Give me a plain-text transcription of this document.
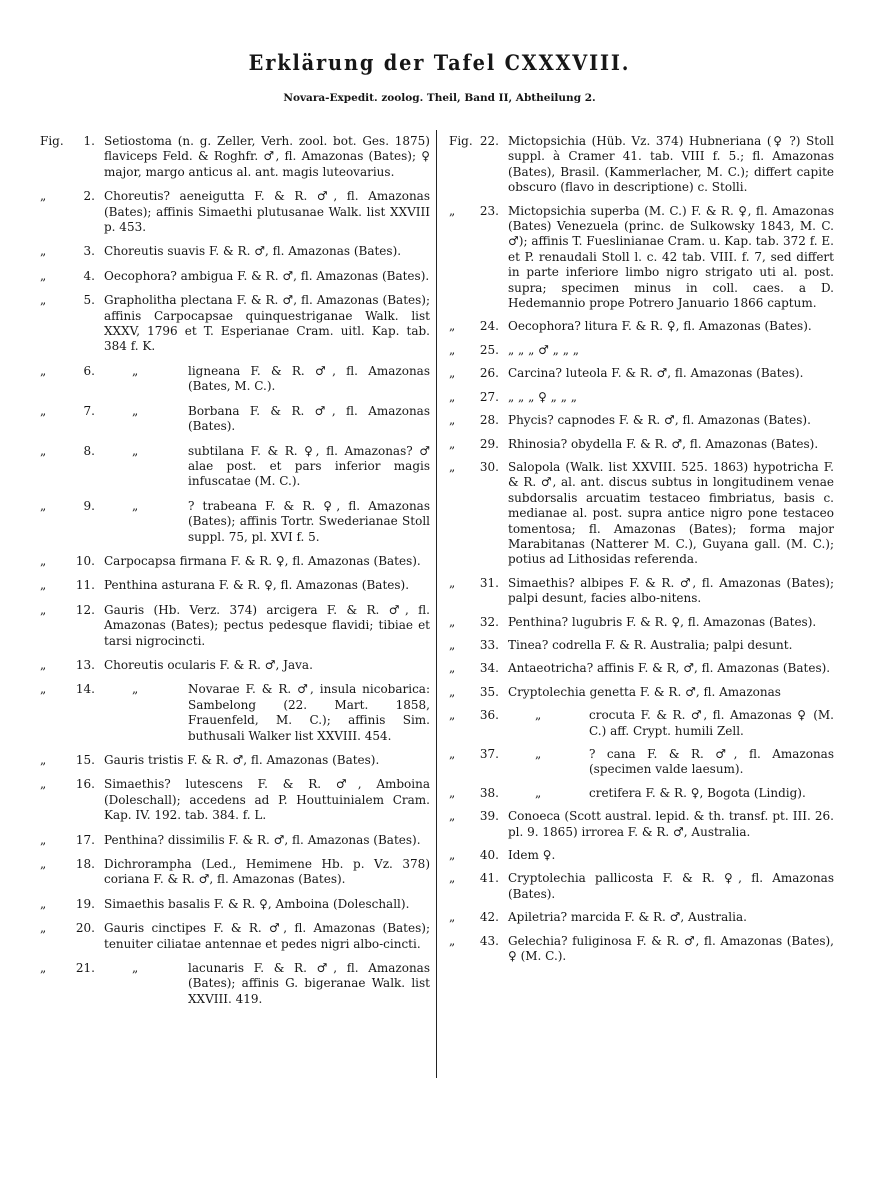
Erklärung der Tafel CXXXVIII.
Novara-Expedit. zoolog. Theil, Band II, Abtheilung 2.
Fig.	1. Setiostoma (n. g. Zeller, Verh. zool. bot. Ges. 1875) flaviceps Feld. & Roghfr. ♂, fl. Amazonas (Bates); ♀ major, margo anticus al. ant. magis luteovarius.
„	2. Choreutis? aeneigutta F. & R. ♂, fl. Amazonas (Bates); affinis Simaethi plutusanae Walk. list XXVIII p. 453.
„	3. Choreutis suavis F. & R. ♂, fl. Amazonas (Bates).
„	4. Oecophora? ambigua F. & R. ♂, fl. Amazonas (Bates).
„	5. Grapholitha plectana F. & R. ♂, fl. Amazonas (Bates); affinis Carpocapsae quinquestriganae Walk. list XXXV, 1796 et T. Esperianae Cram. uitl. Kap. tab. 384 f. K.
„	6.	„	ligneana F. & R. ♂, fl. Amazonas (Bates, M. C.).
„	7.	„	Borbana F. & R. ♂, fl. Amazonas (Bates).
„	8.	„	subtilana F. & R. ♀, fl. Amazonas? ♂ alae post. et pars inferior magis infuscatae (M. C.).
„	9.	„	? trabeana F. & R. ♀, fl. Amazonas (Bates); affinis Tortr. Swederianae Stoll suppl. 75, pl. XVI f. 5.
„ 10. Carpocapsa firmana F. & R. ♀, fl. Amazonas (Bates).
„ 11. Penthina asturana F. & R. ♀, fl. Amazonas (Bates).
„ 12. Gauris (Hb. Verz. 374) arcigera F. & R. ♂, fl. Amazonas (Bates); pectus pedesque flavidi; tibiae et tarsi nigrocincti.
„ 13. Choreutis ocularis F. & R. ♂, Java.
„ 14.	„	Novarae F. & R. ♂, insula nicobarica: Sambelong (22. Mart. 1858, Frauenfeld, M. C.); affinis Sim. buthusali Walker list XXVIII. 454.
„ 15. Gauris tristis F. & R. ♂, fl. Amazonas (Bates).
„ 16. Simaethis? lutescens F. & R. ♂, Amboina (Doleschall); accedens ad P. Houttuinialem Cram. Kap. IV. 192. tab. 384. f. L.
„ 17. Penthina? dissimilis F. & R. ♂, fl. Amazonas (Bates).
„ 18. Dichrorampha (Led., Hemimene Hb. p. Vz. 378) coriana F. & R. ♂, fl. Amazonas (Bates).
„ 19. Simaethis basalis F. & R. ♀, Amboina (Doleschall).
„ 20. Gauris cinctipes F. & R. ♂, fl. Amazonas (Bates); tenuiter ciliatae antennae et pedes nigri albo-cincti.
„ 21.	„	lacunaris F. & R. ♂, fl. Amazonas (Bates); affinis G. bigeranae Walk. list XXVIII. 419.
Fig. 22. Mictopsichia (Hüb. Vz. 374) Hubneriana (♀ ?) Stoll suppl. à Cramer 41. tab. VIII f. 5.; fl. Amazonas (Bates), Brasil. (Kammerlacher, M. C.); differt capite obscuro (flavo in descriptione) c. Stolli.
„ 23. Mictopsichia superba (M. C.) F. & R. ♀, fl. Amazonas (Bates) Venezuela (princ. de Sulkowsky 1843, M. C. ♂); affinis T. Fueslinianae Cram. u. Kap. tab. 372 f. E. et P. renaudali Stoll l. c. 42 tab. VIII. f. 7, sed differt in parte inferiore limbo nigro strigato uti al. post. supra; specimen minus in coll. caes. a D. Hedemannio prope Potrero Januario 1866 captum.
„ 24. Oecophora? litura F. & R. ♀, fl. Amazonas (Bates).
„ 25. „ „ „ ♂ „ „ „
„ 26. Carcina? luteola F. & R. ♂, fl. Amazonas (Bates).
„ 27. „ „ „ ♀ „ „ „
„ 28. Phycis? capnodes F. & R. ♂, fl. Amazonas (Bates).
„ 29. Rhinosia? obydella F. & R. ♂, fl. Amazonas (Bates).
„ 30. Salopola (Walk. list XXVIII. 525. 1863) hypotricha F. & R. ♂, al. ant. discus subtus in longitudinem venae subdorsalis arcuatim testaceo fimbriatus, basis c. medianae al. post. supra antice nigro pone testaceo tomentosa; fl. Amazonas (Bates); forma major Marabitanas (Natterer M. C.), Guyana gall. (M. C.); potius ad Lithosidas referenda.
„ 31. Simaethis? albipes F. & R. ♂, fl. Amazonas (Bates); palpi desunt, facies albo-nitens.
„ 32. Penthina? lugubris F. & R. ♀, fl. Amazonas (Bates).
„ 33. Tinea? codrella F. & R. Australia; palpi desunt.
„ 34. Antaeotricha? affinis F. & R, ♂, fl. Amazonas (Bates).
„ 35. Cryptolechia genetta F. & R. ♂, fl. Amazonas
„ 36.	„	crocuta F. & R. ♂, fl. Amazonas ♀ (M. C.) aff. Crypt. humili Zell.
„ 37.	„	? cana F. & R. ♂, fl. Amazonas (specimen valde laesum).
„ 38.	„	cretifera F. & R. ♀, Bogota (Lindig).
„ 39. Conoeca (Scott austral. lepid. & th. transf. pt. III. 26. pl. 9. 1865) irrorea F. & R. ♂, Australia.
„ 40. Idem ♀.
„ 41. Cryptolechia pallicosta F. & R. ♀, fl. Amazonas (Bates).
„ 42. Apiletria? marcida F. & R. ♂, Australia.
„ 43. Gelechia? fuliginosa F. & R. ♂, fl. Amazonas (Bates), ♀ (M. C.).
